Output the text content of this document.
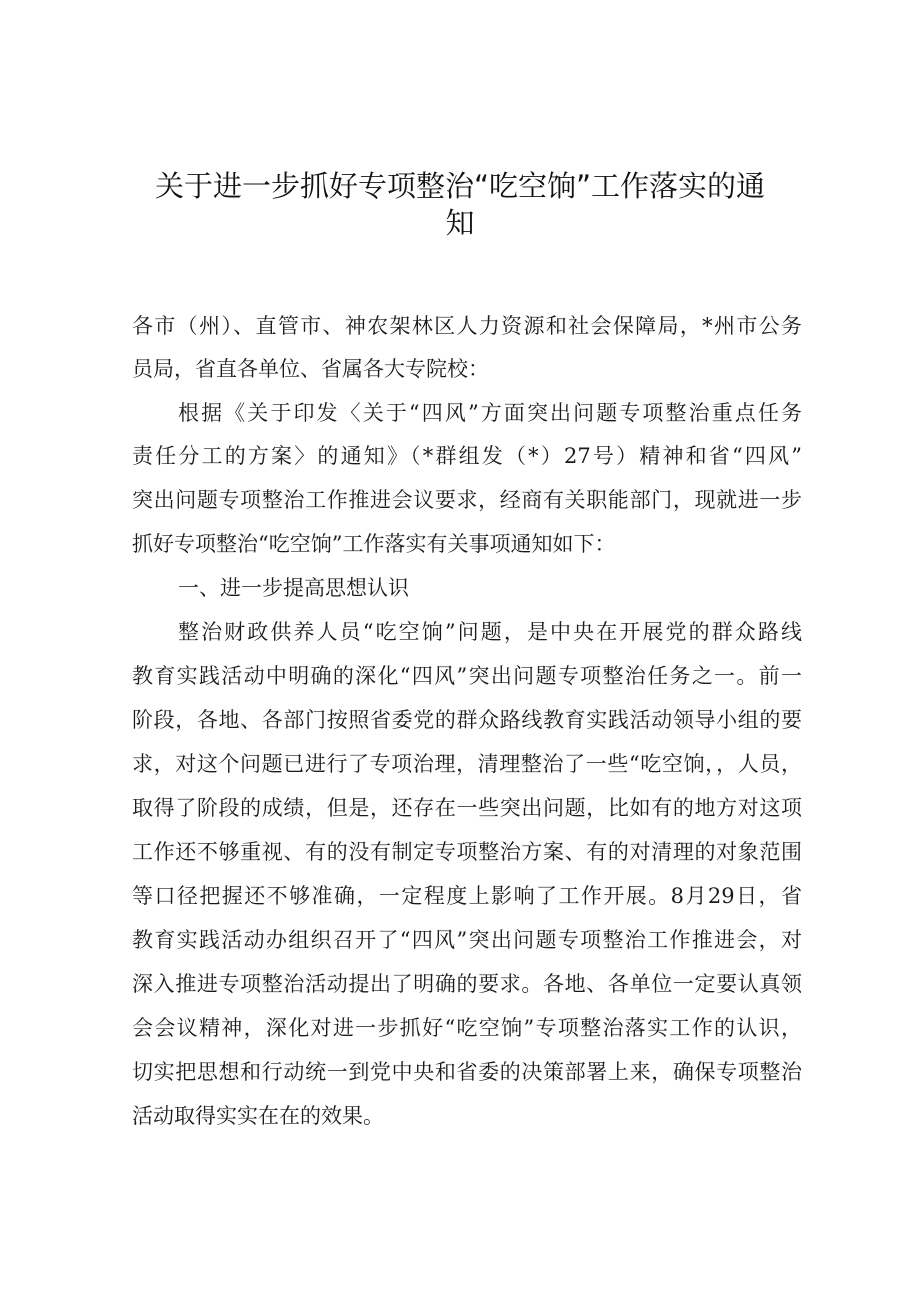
关于进一步抓好专项整治“吃空饷”工作落实的通
知
各市（州）、直管市、神农架林区人力资源和社会保障局，*州市公务
员局，省直各单位、省属各大专院校：
根据《关于印发〈关于“四风”方面突出问题专项整治重点任务
责任分工的方案〉的通知》（*群组发（*）27号）精神和省“四风”
突出问题专项整治工作推进会议要求，经商有关职能部门，现就进一步
抓好专项整治“吃空饷”工作落实有关事项通知如下：
一、进一步提高思想认识
整治财政供养人员“吃空饷”问题，是中央在开展党的群众路线
教育实践活动中明确的深化“四风”突出问题专项整治任务之一。前一
阶段，各地、各部门按照省委党的群众路线教育实践活动领导小组的要
求，对这个问题已进行了专项治理，清理整治了一些“吃空饷，，人员，
取得了阶段的成绩，但是，还存在一些突出问题，比如有的地方对这项
工作还不够重视、有的没有制定专项整治方案、有的对清理的对象范围
等口径把握还不够准确，一定程度上影响了工作开展。8月29日，省
教育实践活动办组织召开了“四风”突出问题专项整治工作推进会，对
深入推进专项整治活动提出了明确的要求。各地、各单位一定要认真领
会会议精神，深化对进一步抓好“吃空饷”专项整治落实工作的认识，
切实把思想和行动统一到党中央和省委的决策部署上来，确保专项整治
活动取得实实在在的效果。
